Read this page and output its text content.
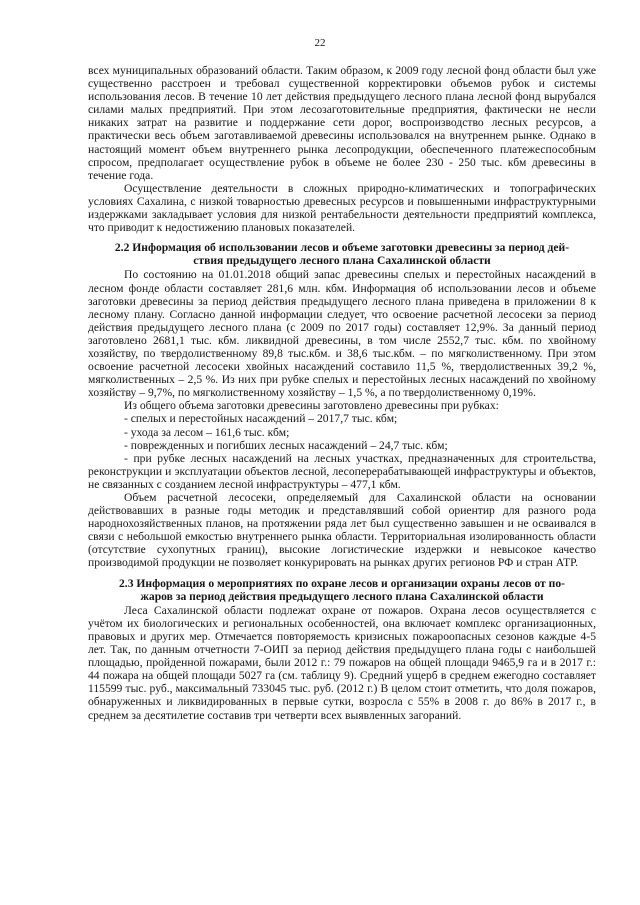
22

всех муниципальных образований области. Таким образом, к 2009 году лесной фонд области был уже существенно расстроен и требовал существенной корректировки объемов рубок и системы использования лесов. В течение 10 лет действия предыдущего лесного плана лесной фонд вырубался силами малых предприятий. При этом лесозаготовительные предприятия, фактически не несли никаких затрат на развитие и поддержание сети дорог, воспроизводство лесных ресурсов, а практически весь объем заготавливаемой древесины использовался на внутреннем рынке. Однако в настоящий момент объем внутреннего рынка лесопродукции, обеспеченного платежеспособным спросом, предполагает осуществление рубок в объеме не более 230 - 250 тыс. кбм древесины в течение года.

Осуществление деятельности в сложных природно-климатических и топографических условиях Сахалина, с низкой товарностью древесных ресурсов и повышенными инфраструктурными издержками закладывает условия для низкой рентабельности деятельности предприятий комплекса, что приводит к недостижению плановых показателей.

2.2 Информация об использовании лесов и объеме заготовки древесины за период дей-
ствия предыдущего лесного плана Сахалинской области

По состоянию на 01.01.2018 общий запас древесины спелых и перестойных насаждений в лесном фонде области составляет 281,6 млн. кбм. Информация об использовании лесов и объеме заготовки древесины за период действия предыдущего лесного плана приведена в приложении 8 к лесному плану. Согласно данной информации следует, что освоение расчетной лесосеки за период действия предыдущего лесного плана (с 2009 по 2017 годы) составляет 12,9%. За данный период заготовлено 2681,1 тыс. кбм. ликвидной древесины, в том числе 2552,7 тыс. кбм. по хвойному хозяйству, по твердолиственному 89,8 тыс.кбм. и 38,6 тыс.кбм. – по мягколиственному. При этом освоение расчетной лесосеки хвойных насаждений составило 11,5 %, твердолиственных 39,2 %, мягколиственных – 2,5 %. Из них при рубке спелых и перестойных лесных насаждений по хвойному хозяйству – 9,7%, по мягколиственному хозяйству – 1,5 %, а по твердолиственному 0,19%.

Из общего объема заготовки древесины заготовлено древесины при рубках:

- спелых и перестойных насаждений – 2017,7 тыс. кбм;

- ухода за лесом – 161,6 тыс. кбм;

- поврежденных и погибших лесных насаждений – 24,7 тыс. кбм;

- при рубке лесных насаждений на лесных участках, предназначенных для строительства, реконструкции и эксплуатации объектов лесной, лесоперерабатывающей инфраструктуры и объектов, не связанных с созданием лесной инфраструктуры – 477,1 кбм.

Объем расчетной лесосеки, определяемый для Сахалинской области на основании действовавших в разные годы методик и представлявший собой ориентир для разного рода народнохозяйственных планов, на протяжении ряда лет был существенно завышен и не осваивался в связи с небольшой емкостью внутреннего рынка области. Территориальная изолированность области (отсутствие сухопутных границ), высокие логистические издержки и невысокое качество производимой продукции не позволяет конкурировать на рынках других регионов РФ и стран АТР.

2.3 Информация о мероприятиях по охране лесов и организации охраны лесов от по-
жаров за период действия предыдущего лесного плана Сахалинской области

Леса Сахалинской области подлежат охране от пожаров. Охрана лесов осуществляется с учётом их биологических и региональных особенностей, она включает комплекс организационных, правовых и других мер. Отмечается повторяемость кризисных пожароопасных сезонов каждые 4-5 лет. Так, по данным отчетности 7-ОИП за период действия предыдущего плана годы с наибольшей площадью, пройденной пожарами, были 2012 г.: 79 пожаров на общей площади 9465,9 га и в 2017 г.: 44 пожара на общей площади 5027 га (см. таблицу 9). Средний ущерб в среднем ежегодно составляет 115599 тыс. руб., максимальный 733045 тыс. руб. (2012 г.) В целом стоит отметить, что доля пожаров, обнаруженных и ликвидированных в первые сутки, возросла с 55% в 2008 г. до 86% в 2017 г., в среднем за десятилетие составив три четверти всех выявленных загораний.
